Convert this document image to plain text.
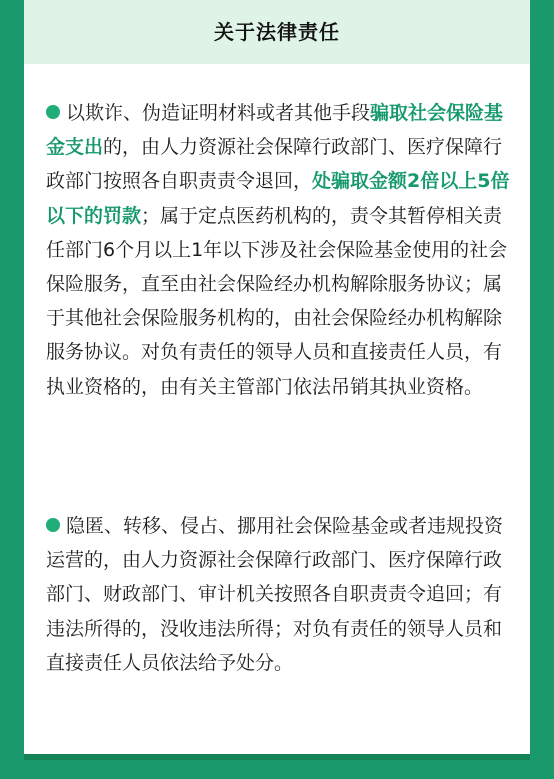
关于法律责任
以欺诈、伪造证明材料或者其他手段骗取社会保险基金支出的，由人力资源社会保障行政部门、医疗保障行政部门按照各自职责责令退回，处骗取金额2倍以上5倍以下的罚款；属于定点医药机构的，责令其暂停相关责任部门6个月以上1年以下涉及社会保险基金使用的社会保险服务，直至由社会保险经办机构解除服务协议；属于其他社会保险服务机构的，由社会保险经办机构解除服务协议。对负有责任的领导人员和直接责任人员，有执业资格的，由有关主管部门依法吊销其执业资格。
隐匿、转移、侵占、挪用社会保险基金或者违规投资运营的，由人力资源社会保障行政部门、医疗保障行政部门、财政部门、审计机关按照各自职责责令追回；有违法所得的，没收违法所得；对负有责任的领导人员和直接责任人员依法给予处分。
